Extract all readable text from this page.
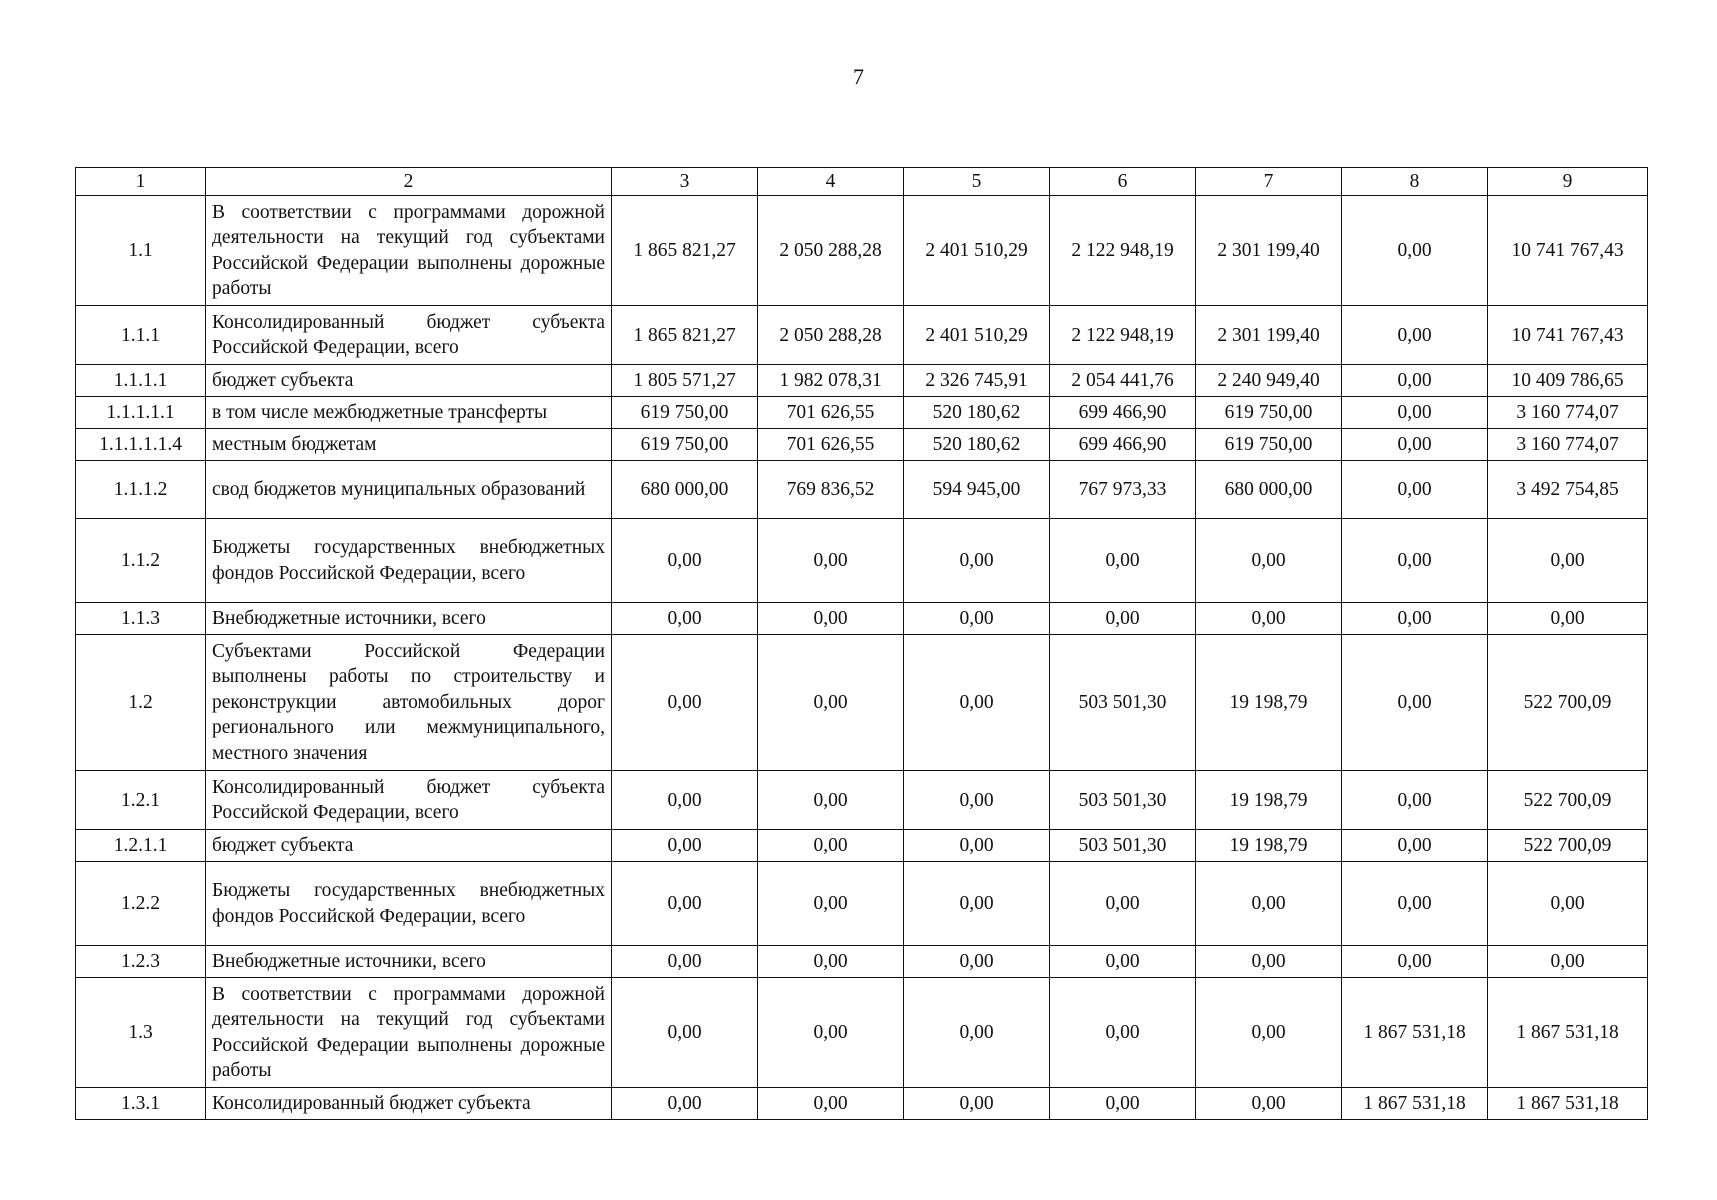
7
1	2	3	4	5	6	7	8	9
1.1	В соответствии с программами дорожной деятельности на текущий год субъектами Российской Федерации выполнены дорожные работы	1 865 821,27	2 050 288,28	2 401 510,29	2 122 948,19	2 301 199,40	0,00	10 741 767,43
1.1.1	Консолидированный бюджет субъекта Российской Федерации, всего	1 865 821,27	2 050 288,28	2 401 510,29	2 122 948,19	2 301 199,40	0,00	10 741 767,43
1.1.1.1	бюджет субъекта	1 805 571,27	1 982 078,31	2 326 745,91	2 054 441,76	2 240 949,40	0,00	10 409 786,65
1.1.1.1.1	в том числе межбюджетные трансферты	619 750,00	701 626,55	520 180,62	699 466,90	619 750,00	0,00	3 160 774,07
1.1.1.1.1.4	местным бюджетам	619 750,00	701 626,55	520 180,62	699 466,90	619 750,00	0,00	3 160 774,07
1.1.1.2	свод бюджетов муниципальных образований	680 000,00	769 836,52	594 945,00	767 973,33	680 000,00	0,00	3 492 754,85
1.1.2	Бюджеты государственных внебюджетных фондов Российской Федерации, всего	0,00	0,00	0,00	0,00	0,00	0,00	0,00
1.1.3	Внебюджетные источники, всего	0,00	0,00	0,00	0,00	0,00	0,00	0,00
1.2	Субъектами Российской Федерации выполнены работы по строительству и реконструкции автомобильных дорог регионального или межмуниципального, местного значения	0,00	0,00	0,00	503 501,30	19 198,79	0,00	522 700,09
1.2.1	Консолидированный бюджет субъекта Российской Федерации, всего	0,00	0,00	0,00	503 501,30	19 198,79	0,00	522 700,09
1.2.1.1	бюджет субъекта	0,00	0,00	0,00	503 501,30	19 198,79	0,00	522 700,09
1.2.2	Бюджеты государственных внебюджетных фондов Российской Федерации, всего	0,00	0,00	0,00	0,00	0,00	0,00	0,00
1.2.3	Внебюджетные источники, всего	0,00	0,00	0,00	0,00	0,00	0,00	0,00
1.3	В соответствии с программами дорожной деятельности на текущий год субъектами Российской Федерации выполнены дорожные работы	0,00	0,00	0,00	0,00	0,00	1 867 531,18	1 867 531,18
1.3.1	Консолидированный бюджет субъекта	0,00	0,00	0,00	0,00	0,00	1 867 531,18	1 867 531,18
